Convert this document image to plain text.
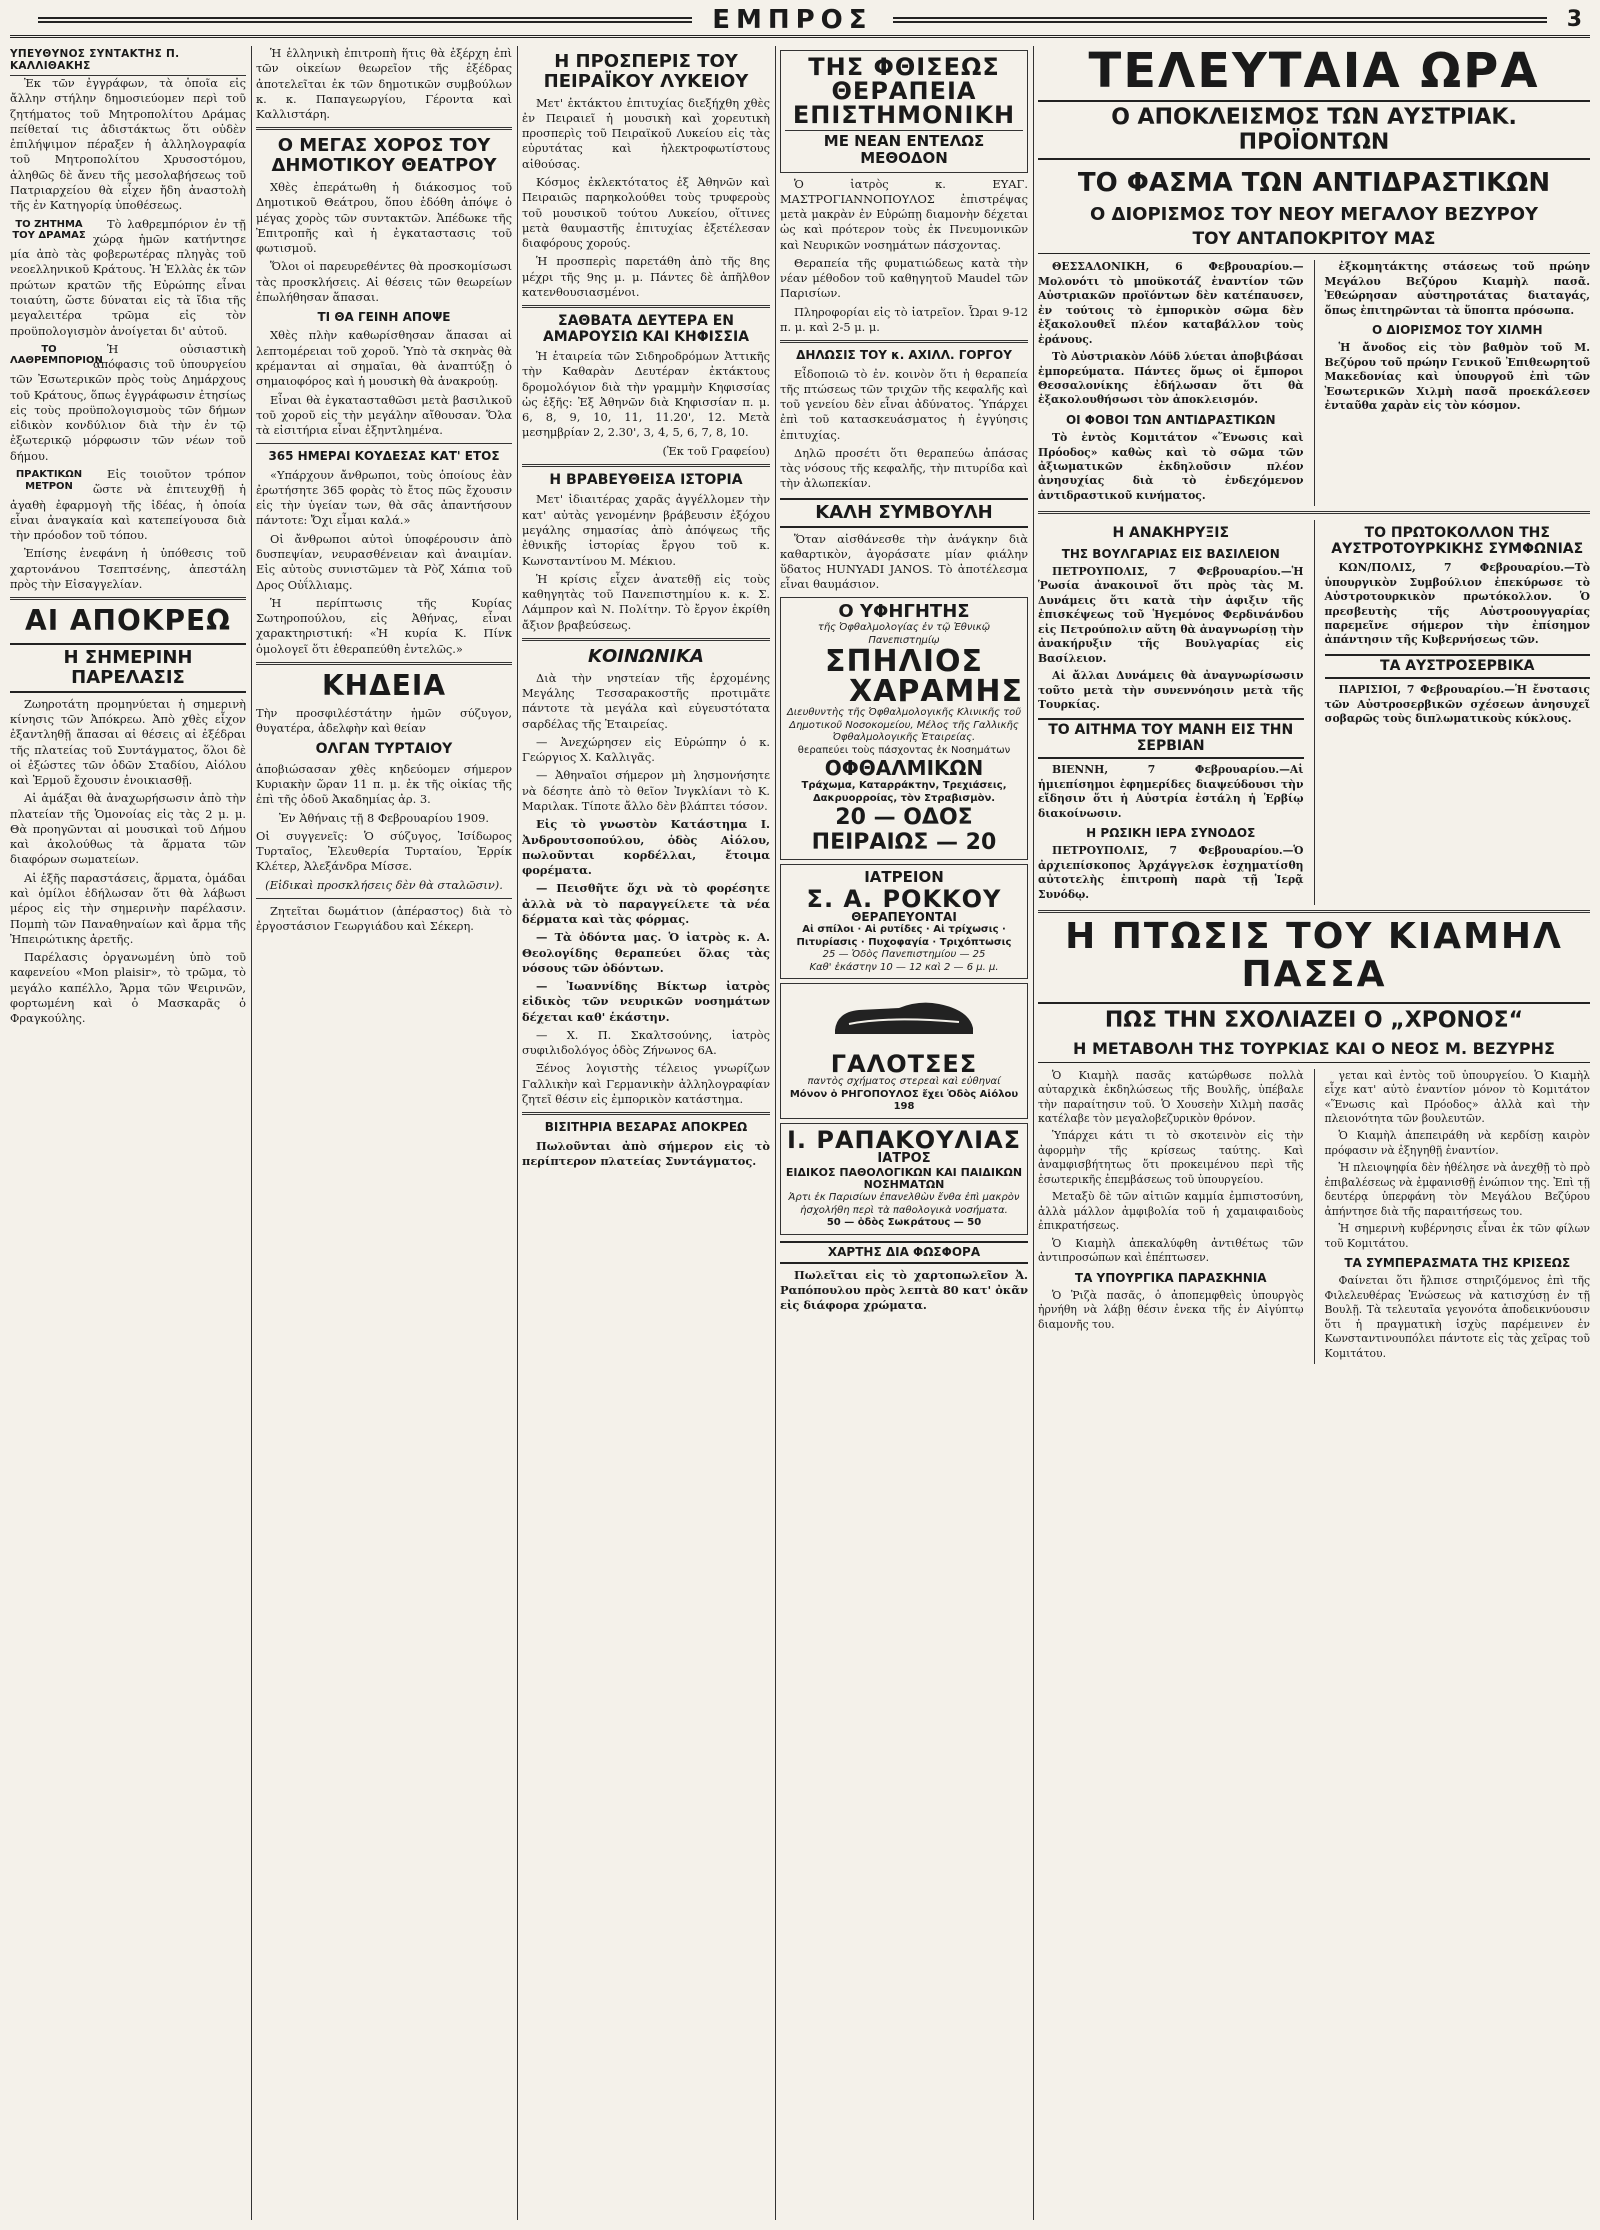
ΕΜΠΡΟΣ	3
ΥΠΕΥΘΥΝΟΣ ΣΥΝΤΑΚΤΗΣ Π. ΚΑΛΛΙΘΑΚΗΣ

Ἐκ τῶν ἐγγράφων, τὰ ὁποῖα εἰς ἄλλην στήλην δημοσιεύομεν περὶ τοῦ ζητήματος τοῦ Μητροπολίτου Δράμας πείθεταί τις ἀδιστάκτως ὅτι οὐδὲν ἐπιλήψιμον πέραξεν ἡ ἀλληλογραφία τοῦ Μητροπολίτου Χρυσοστόμου, ἀληθῶς δὲ ἄνευ τῆς μεσολαβήσεως τοῦ Πατριαρχείου θὰ εἶχεν ἤδη ἀναστολὴ τῆς ἐν Κατηγορίᾳ ὑποθέσεως.

ΤΟ ΖΗΤΗΜΑ ΤΟΥ ΔΡΑΜΑΣ

Τὸ λαθρεμπόριον ἐν τῇ χώρᾳ ἡμῶν κατήντησε μία ἀπὸ τὰς φοβερωτέρας πληγὰς τοῦ νεοελληνικοῦ Κράτους. Ἡ Ἑλλὰς ἐκ τῶν πρώτων κρατῶν τῆς Εὐρώπης εἶναι τοιαύτη, ὥστε δύναται εἰς τὰ ἴδια τῆς μεγαλειτέρα τρῶμα εἰς τὸν προϋπολογισμὸν ἀνοίγεται δι' αὐτοῦ.

ΤΟ ΛΑΘΡΕΜΠΟΡΙΟΝ

Ἡ οὐσιαστικὴ ἀπόφασις τοῦ ὑπουργείου τῶν Ἐσωτερικῶν πρὸς τοὺς Δημάρχους τοῦ Κράτους, ὅπως ἐγγράφωσιν ἐτησίως εἰς τοὺς προϋπολογισμοὺς τῶν δήμων εἰδικὸν κονδύλιον διὰ τὴν ἐν τῷ ἐξωτερικῷ μόρφωσιν τῶν νέων τοῦ δήμου.

ΠΡΑΚΤΙΚΩΝ ΜΕΤΡΟΝ

Εἰς τοιοῦτον τρόπον ὥστε νὰ ἐπιτευχθῇ ἡ ἀγαθὴ ἐφαρμογὴ τῆς ἰδέας, ἡ ὁποία εἶναι ἀναγκαία καὶ κατεπείγουσα διὰ τὴν πρόοδον τοῦ τόπου.

Ἐπίσης ἐνεφάνη ἡ ὑπόθεσις τοῦ χαρτονάνου Τσεπτσένης, ἀπεστάλη πρὸς τὴν Εἰσαγγελίαν.

ΑΙ ΑΠΟΚΡΕΩ
Η ΣΗΜΕΡΙΝΗ ΠΑΡΕΛΑΣΙΣ

Ζωηροτάτη προμηνύεται ἡ σημερινὴ κίνησις τῶν Ἀπόκρεω. Ἀπὸ χθὲς εἶχον ἐξαντληθῇ ἅπασαι αἱ θέσεις αἱ ἐξέδραι τῆς πλατείας τοῦ Συντάγματος, ὅλοι δὲ οἱ ἐξώστες τῶν ὁδῶν Σταδίου, Αἰόλου καὶ Ἑρμοῦ ἔχουσιν ἐνοικιασθῇ.

Αἱ ἁμάξαι θὰ ἀναχωρήσωσιν ἀπὸ τὴν πλατείαν τῆς Ὁμονοίας εἰς τὰς 2 μ. μ. Θὰ προηγῶνται αἱ μουσικαὶ τοῦ Δήμου καὶ ἀκολούθως τὰ ἅρματα τῶν διαφόρων σωματείων.

Αἱ ἑξῆς παραστάσεις, ἅρματα, ὁμάδαι καὶ ὁμίλοι ἐδήλωσαν ὅτι θὰ λάβωσι μέρος εἰς τὴν σημερινὴν παρέλασιν. Πομπὴ τῶν Παναθηναίων καὶ ἄρμα τῆς Ἠπειρώτικης ἀρετῆς.

Παρέλασις ὀργανωμένη ὑπὸ τοῦ καφενείου «Mon plaisir», τὸ τρῶμα, τὸ μεγάλο καπέλλο, Ἄρμα τῶν Ψειρινῶν, φορτωμένη καὶ ὁ Μασκαρᾶς ὁ Φραγκούλης.

Ἡ ἑλληνικὴ ἐπιτροπὴ ἥτις θὰ ἐξέρχη ἐπὶ τῶν οἰκείων θεωρεῖον τῆς ἑξέδρας ἀποτελεῖται ἐκ τῶν δημοτικῶν συμβούλων κ. κ. Παπαγεωργίου, Γέροντα καὶ Καλλιστάρη.

Ο ΜΕΓΑΣ ΧΟΡΟΣ ΤΟΥ ΔΗΜΟΤΙΚΟΥ ΘΕΑΤΡΟΥ

Χθὲς ἐπεράτωθη ἡ διάκοσμος τοῦ Δημοτικοῦ Θεάτρου, ὅπου ἐδόθη ἀπόψε ὁ μέγας χορὸς τῶν συντακτῶν. Ἀπέδωκε τῆς Ἐπιτροπῆς καὶ ἡ ἐγκαταστασις τοῦ φωτισμοῦ.

Ὅλοι οἱ παρευρεθέντες θὰ προσκομίσωσι τὰς προσκλήσεις. Αἱ θέσεις τῶν θεωρείων ἐπωλήθησαν ἅπασαι.

ΤΙ ΘΑ ΓΕΙΝΗ ΑΠΟΨΕ

Χθὲς πλὴν καθωρίσθησαν ἅπασαι αἱ λεπτομέρειαι τοῦ χοροῦ. Ὑπὸ τὰ σκηνὰς θὰ κρέμανται αἱ σημαῖαι, θὰ ἀναπτύξῃ ὁ σημαιοφόρος καὶ ἡ μουσικὴ θὰ ἀνακρούῃ.

Εἶναι θὰ ἐγκατασταθῶσι μετὰ βασιλικοῦ τοῦ χοροῦ εἰς τὴν μεγάλην αἴθουσαν. Ὅλα τὰ εἰσιτήρια εἶναι ἐξηντλημένα.

365 ΗΜΕΡΑΙ ΚΟΥΔΕΣΑΣ ΚΑΤ' ΕΤΟΣ

«Υπάρχουν ἄνθρωποι, τοὺς ὁποίους ἐὰν ἐρωτήσητε 365 φορὰς τὸ ἔτος πῶς ἔχουσιν εἰς τὴν ὑγείαν των, θὰ σᾶς ἀπαντήσουν πάντοτε: Ὄχι εἶμαι καλά.»

Οἱ ἄνθρωποι αὐτοὶ ὑποφέρουσιν ἀπὸ δυσπεψίαν, νευρασθένειαν καὶ ἀναιμίαν. Εἰς αὐτοὺς συνιστῶμεν τὰ Ρὸζ Χάπια τοῦ Δρος Οὐΐλλιαμς.

Ἡ περίπτωσις τῆς Κυρίας Σωτηροπούλου, εἰς Ἀθήνας, εἶναι χαρακτηριστική: «Ἡ κυρία Κ. Πίνκ ὁμολογεῖ ὅτι ἐθεραπεύθη ἐντελῶς.»

ΚΗΔΕΙΑ

Τὴν προσφιλέστάτην ἡμῶν σύζυγον, θυγατέρα, ἀδελφὴν καὶ θείαν

ΟΛΓΑΝ ΤΥΡΤΑΙΟΥ

ἀποβιώσασαν χθὲς κηδεύομεν σήμερον Κυριακὴν ὥραν 11 π. μ. ἐκ τῆς οἰκίας τῆς ἐπὶ τῆς ὁδοῦ Ἀκαδημίας ἀρ. 3.

Ἐν Ἀθήναις τῇ 8 Φεβρουαρίου 1909.

Οἱ συγγενεῖς: Ὁ σύζυγος, Ἰσίδωρος Τυρταῖος, Ἐλευθερία Τυρταίου, Ἑρρίκ Κλέτερ, Ἀλεξάνδρα Μίσσε.

(Εἰδικαὶ προσκλήσεις δὲν θὰ σταλῶσιν).

Ζητεῖται δωμάτιον (ἀπέραστος) διὰ τὸ ἐργοστάσιον Γεωργιάδου καὶ Σέκερη.

Η ΠΡΟΣΠΕΡΙΣ ΤΟΥ ΠΕΙΡΑΪΚΟΥ ΛΥΚΕΙΟΥ

Μετ' ἐκτάκτου ἐπιτυχίας διεξήχθη χθὲς ἐν Πειραιεῖ ἡ μουσικὴ καὶ χορευτικὴ προσπερὶς τοῦ Πειραϊκοῦ Λυκείου εἰς τὰς εὐρυτάτας καὶ ἡλεκτροφωτίστους αἰθούσας.

Κόσμος ἐκλεκτότατος ἐξ Ἀθηνῶν καὶ Πειραιῶς παρηκολούθει τοὺς τρυφεροὺς τοῦ μουσικοῦ τούτου Λυκείου, οἵτινες μετὰ θαυμαστῆς ἐπιτυχίας ἐξετέλεσαν διαφόρους χορούς.

Ἡ προσπερὶς παρετάθη ἀπὸ τῆς 8ης μέχρι τῆς 9ης μ. μ. Πάντες δὲ ἀπῆλθον κατενθουσιασμένοι.

ΣΑΘΒΑΤΑ ΔΕΥΤΕΡΑ ΕΝ ΑΜΑΡΟΥΣΙΩ ΚΑΙ ΚΗΦΙΣΣΙΑ

Ἡ ἑταιρεία τῶν Σιδηροδρόμων Ἀττικῆς τὴν Καθαρὰν Δευτέραν ἐκτάκτους δρομολόγιον διὰ τὴν γραμμὴν Κηφισσίας ὡς ἑξῆς: Ἐξ Ἀθηνῶν διὰ Κηφισσίαν π. μ. 6, 8, 9, 10, 11, 11.20', 12. Μετὰ μεσημβρίαν 2, 2.30', 3, 4, 5, 6, 7, 8, 10.

(Ἐκ τοῦ Γραφείου)

Η ΒΡΑΒΕΥΘΕΙΣΑ ΙΣΤΟΡΙΑ

Μετ' ἰδιαιτέρας χαρᾶς ἀγγέλλομεν τὴν κατ' αὐτὰς γενομένην βράβευσιν ἐξόχου μεγάλης σημασίας ἀπὸ ἀπόψεως τῆς ἐθνικῆς ἱστορίας ἔργου τοῦ κ. Κωνσταντίνου Μ. Μέκιου.

Ἡ κρίσις εἶχεν ἀνατεθῇ εἰς τοὺς καθηγητὰς τοῦ Πανεπιστημίου κ. κ. Σ. Λάμπρον καὶ Ν. Πολίτην. Τὸ ἔργον ἐκρίθη ἄξιον βραβεύσεως.

ΚΟΙΝΩΝΙΚΑ

Διὰ τὴν νηστείαν τῆς ἐρχομένης Μεγάλης Τεσσαρακοστῆς προτιμᾶτε πάντοτε τὰ μεγάλα καὶ εὐγευστότατα σαρδέλας τῆς Ἐταιρείας.

— Ἀνεχώρησεν εἰς Εὐρώπην ὁ κ. Γεώργιος Χ. Καλλιγᾶς.

— Ἀθηναῖοι σήμερον μὴ λησμονήσητε νὰ δέσητε ἀπὸ τὸ θεῖον Ἰνγκλίανι τὸ Κ. Μαριλακ. Τίποτε ἄλλο δὲν βλάπτει τόσον.

Εἰς τὸ γνωστὸν Κατάστημα Ι. Ἀνδρουτσοπούλου, ὁδὸς Αἰόλου, πωλοῦνται κορδέλλαι, ἔτοιμα φορέματα.

— Πεισθῆτε ὅχι νὰ τὸ φορέσητε ἀλλὰ νὰ τὸ παραγγείλετε τὰ νέα δέρματα καὶ τὰς φόρμας.

— Τὰ ὀδόντα μας. Ὁ ἰατρὸς κ. Α. Θεολογίδης θεραπεύει ὅλας τὰς νόσους τῶν ὀδόντων.

— Ἰωαννίδης Βίκτωρ ἰατρὸς εἰδικὸς τῶν νευρικῶν νοσημάτων δέχεται καθ' ἑκάστην.

— Χ. Π. Σκαλτσούνης, ἰατρὸς συφιλιδολόγος ὁδὸς Ζήνωνος 6Α.

Ξένος λογιστὴς τέλειος γνωρίζων Γαλλικὴν καὶ Γερμανικὴν ἀλληλογραφίαν ζητεῖ θέσιν εἰς ἐμπορικὸν κατάστημα.

ΒΙΣΙΤΗΡΙΑ ΒΕΣΑΡΑΣ ΑΠΟΚΡΕΩ

Πωλοῦνται ἀπὸ σήμερον εἰς τὸ περίπτερον πλατείας Συντάγματος.

ΤΗΣ ΦΘΙΣΕΩΣ ΘΕΡΑΠΕΙΑ ΕΠΙΣΤΗΜΟΝΙΚΗ
ΜΕ ΝΕΑΝ ΕΝΤΕΛΩΣ ΜΕΘΟΔΟΝ

Ὁ ἰατρὸς κ. ΕΥΑΓ. ΜΑΣΤΡΟΓΙΑΝΝΟΠΟΥΛΟΣ ἐπιστρέψας μετὰ μακρὰν ἐν Εὐρώπῃ διαμονὴν δέχεται ὡς καὶ πρότερον τοὺς ἐκ Πνευμονικῶν καὶ Νευρικῶν νοσημάτων πάσχοντας.

Θεραπεία τῆς φυματιώδεως κατὰ τὴν νέαν μέθοδον τοῦ καθηγητοῦ Maudel τῶν Παρισίων.

Πληροφορίαι εἰς τὸ ἰατρεῖον. Ὧραι 9-12 π. μ. καὶ 2-5 μ. μ.

ΔΗΛΩΣΙΣ ΤΟΥ κ. ΑΧΙΛΛ. ΓΟΡΓΟΥ

Εἶδοποιῶ τὸ ἐν. κοινὸν ὅτι ἡ θεραπεία τῆς πτώσεως τῶν τριχῶν τῆς κεφαλῆς καὶ τοῦ γενείου δὲν εἶναι ἀδύνατος. Ὑπάρχει ἐπὶ τοῦ κατασκευάσματος ἡ ἐγγύησις ἐπιτυχίας.

Δηλῶ προσέτι ὅτι θεραπεύω ἀπάσας τὰς νόσους τῆς κεφαλῆς, τὴν πιτυρίδα καὶ τὴν ἀλωπεκίαν.

ΚΑΛΗ ΣΥΜΒΟΥΛΗ

Ὅταν αἰσθάνεσθε τὴν ἀνάγκην διὰ καθαρτικὸν, ἀγοράσατε μίαν φιάλην ὕδατος HUNYADI JANOS. Τὸ ἀποτέλεσμα εἶναι θαυμάσιον.

Ο ΥΦΗΓΗΤΗΣ
τῆς Ὀφθαλμολογίας ἐν τῷ Ἐθνικῷ Πανεπιστημίῳ
ΣΠΗΛΙΟΣ
ΧΑΡΑΜΗΣ
Διευθυντὴς τῆς Ὀφθαλμολογικῆς Κλινικῆς τοῦ Δημοτικοῦ Νοσοκομείου, Μέλος τῆς Γαλλικῆς Ὀφθαλμολογικῆς Ἑταιρείας.
θεραπεύει τοὺς πάσχοντας ἐκ Νοσημάτων
ΟΦΘΑΛΜΙΚΩΝ
Τράχωμα, Καταρράκτην, Τρεχιάσεις, Δακρυορροίας, τὸν Στραβισμὸν.
20 — ΟΔΟΣ ΠΕΙΡΑΙΩΣ — 20
ΙΑΤΡΕΙΟΝ
Σ. Α. ΡΟΚΚΟΥ
ΘΕΡΑΠΕΥΟΝΤΑΙ
Αἱ σπίλοι · Αἱ ρυτίδες · Αἱ τρίχωσις · Πιτυρίασις · Πυχοφαγία · Τριχόπτωσις
25 — Ὁδὸς Πανεπιστημίου — 25
Καθ' ἑκάστην 10 — 12 καὶ 2 — 6 μ. μ.
ΓΑΛΟΤΣΕΣ
παντὸς σχήματος στερεαὶ καὶ εὐθηναί
Μόνον ὁ ΡΗΓΟΠΟΥΛΟΣ ἔχει Ὁδὸς Αἰόλου 198
Ι. ΡΑΠΑΚΟΥΛΙΑΣ
ΙΑΤΡΟΣ
ΕΙΔΙΚΟΣ ΠΑΘΟΛΟΓΙΚΩΝ ΚΑΙ ΠΑΙΔΙΚΩΝ ΝΟΣΗΜΑΤΩΝ
Ἀρτι ἐκ Παρισίων ἐπανελθὼν ἔνθα ἐπὶ μακρὸν ἠσχολήθη περὶ τὰ παθολογικὰ νοσήματα.
50 — ὁδὸς Σωκράτους — 50
ΧΑΡΤΗΣ ΔΙΑ ΦΩΣΦΟΡΑ

Πωλεῖται εἰς τὸ χαρτοπωλεῖον Ἀ. Ραπόπουλου πρὸς λεπτὰ 80 κατ' ὀκᾶν εἰς διάφορα χρώματα.

ΤΕΛΕΥΤΑΙΑ ΩΡΑ
Ο ΑΠΟΚΛΕΙΣΜΟΣ ΤΩΝ ΑΥΣΤΡΙΑΚ. ΠΡΟΪΟΝΤΩΝ
ΤΟ ΦΑΣΜΑ ΤΩΝ ΑΝΤΙΔΡΑΣΤΙΚΩΝ
Ο ΔΙΟΡΙΣΜΟΣ ΤΟΥ ΝΕΟΥ ΜΕΓΑΛΟΥ ΒΕΖΥΡΟΥ
ΤΟΥ ΑΝΤΑΠΟΚΡΙΤΟΥ ΜΑΣ

ΘΕΣΣΑΛΟΝΙΚΗ, 6 Φεβρουαρίου.—Μολονότι τὸ μποϋκοτάζ ἐναντίον τῶν Αὐστριακῶν προϊόντων δὲν κατέπαυσεν, ἐν τούτοις τὸ ἐμπορικὸν σῶμα δὲν ἐξακολουθεῖ πλέον καταβάλλον τοὺς ἐράνους.

Τὸ Αὐστριακὸν Λόϋδ λύεται ἀποβιβάσαι ἐμπορεύματα. Πάντες ὅμως οἱ ἔμποροι Θεσσαλονίκης ἐδήλωσαν ὅτι θὰ ἐξακολουθήσωσι τὸν ἀποκλεισμόν.

ΟΙ ΦΟΒΟΙ ΤΩΝ ΑΝΤΙΔΡΑΣΤΙΚΩΝ

Τὸ ἐντὸς Κομιτάτον «Ἕνωσις καὶ Πρόοδος» καθὼς καὶ τὸ σῶμα τῶν ἀξιωματικῶν ἐκδηλοῦσιν πλέον ἀνησυχίας διὰ τὸ ἐνδεχόμενον ἀντιδραστικοῦ κινήματος.

ἐξκομητάκτης στάσεως τοῦ πρώην Μεγάλου Βεζύρου Κιαμὴλ πασᾶ. Ἐθεώρησαν αὐστηροτάτας διαταγάς, ὅπως ἐπιτηρῶνται τὰ ὕποπτα πρόσωπα.

Ο ΔΙΟΡΙΣΜΟΣ ΤΟΥ ΧΙΛΜΗ

Ἡ ἄνοδος εἰς τὸν βαθμὸν τοῦ Μ. Βεζύρου τοῦ πρώην Γενικοῦ Ἐπιθεωρητοῦ Μακεδονίας καὶ ὑπουργοῦ ἐπὶ τῶν Ἐσωτερικῶν Χιλμὴ πασᾶ προεκάλεσεν ἐνταῦθα χαρὰν εἰς τὸν κόσμον.

Η ΑΝΑΚΗΡΥΞΙΣ
ΤΗΣ ΒΟΥΛΓΑΡΙΑΣ ΕΙΣ ΒΑΣΙΛΕΙΟΝ

ΠΕΤΡΟΥΠΟΛΙΣ, 7 Φεβρουαρίου.—Ἡ Ῥωσία ἀνακοινοῖ ὅτι πρὸς τὰς Μ. Δυνάμεις ὅτι κατὰ τὴν ἀφιξιν τῆς ἐπισκέψεως τοῦ Ἡγεμόνος Φερδινάνδου εἰς Πετρούπολιν αὕτη θὰ ἀναγνωρίσῃ τὴν ἀνακήρυξιν τῆς Βουλγαρίας εἰς Βασίλειον.

Αἱ ἄλλαι Δυνάμεις θὰ ἀναγνωρίσωσιν τοῦτο μετὰ τὴν συνεννόησιν μετὰ τῆς Τουρκίας.

ΤΟ ΑΙΤΗΜΑ ΤΟΥ ΜΑΝΗ ΕΙΣ ΤΗΝ ΣΕΡΒΙΑΝ

ΒΙΕΝΝΗ, 7 Φεβρουαρίου.—Αἱ ἡμιεπίσημοι ἐφημερίδες διαψεύδουσι τὴν εἴδησιν ὅτι ἡ Αὐστρία ἐστάλη ἡ Ἑρβίῳ διακοίνωσιν.

Η ΡΩΣΙΚΗ ΙΕΡΑ ΣΥΝΟΔΟΣ

ΠΕΤΡΟΥΠΟΛΙΣ, 7 Φεβρουαρίου.—Ὁ ἀρχιεπίσκοπος Ἀρχάγγελσκ ἐσχηματίσθη αὐτοτελὴς ἐπιτροπὴ παρὰ τῇ Ἱερᾷ Συνόδῳ.

ΤΟ ΠΡΩΤΟΚΟΛΛΟΝ ΤΗΣ ΑΥΣΤΡΟΤΟΥΡΚΙΚΗΣ ΣΥΜΦΩΝΙΑΣ

ΚΩΝ/ΠΟΛΙΣ, 7 Φεβρουαρίου.—Τὸ ὑπουργικὸν Συμβούλιον ἐπεκύρωσε τὸ Αὐστροτουρκικὸν πρωτόκολλον. Ὁ πρεσβευτὴς τῆς Αὐστροουγγαρίας παρεμεῖνε σήμερον τὴν ἐπίσημον ἀπάντησιν τῆς Κυβερνήσεως τῶν.

ΤΑ ΑΥΣΤΡΟΣΕΡΒΙΚΑ

ΠΑΡΙΣΙΟΙ, 7 Φεβρουαρίου.—Ἡ ἔνστασις τῶν Αὐστροσερβικῶν σχέσεων ἀνησυχεῖ σοβαρῶς τοὺς διπλωματικοὺς κύκλους.

Η ΠΤΩΣΙΣ ΤΟΥ ΚΙΑΜΗΛ ΠΑΣΣΑ
ΠΩΣ ΤΗΝ ΣΧΟΛΙΑΖΕΙ Ο „ΧΡΟΝΟΣ“
Η ΜΕΤΑΒΟΛΗ ΤΗΣ ΤΟΥΡΚΙΑΣ ΚΑΙ Ο ΝΕΟΣ Μ. ΒΕΖΥΡΗΣ

Ὁ Κιαμὴλ πασᾶς κατώρθωσε πολλὰ αὐταρχικὰ ἐκδηλώσεως τῆς Βουλῆς, ὑπέβαλε τὴν παραίτησιν τοῦ. Ὁ Χουσεὴν Χιλμὴ πασᾶς κατέλαβε τὸν μεγαλοβεζυρικὸν θρόνον.

Ὑπάρχει κάτι τι τὸ σκοτεινὸν εἰς τὴν ἀφορμὴν τῆς κρίσεως ταύτης. Καὶ ἀναμφισβήτητως ὅτι προκειμένου περὶ τῆς ἐσωτερικῆς ἐπεμβάσεως τοῦ ὑπουργείου.

Μεταξὺ δὲ τῶν αἰτιῶν καμμία ἐμπιστοσύνη, ἀλλὰ μάλλον ἀμφιβολία τοῦ ἡ χαμαιφαιδοὺς ἐπικρατήσεως.

Ὁ Κιαμὴλ ἀπεκαλύφθη ἀντιθέτως τῶν ἀντιπροσώπων καὶ ἐπέπτωσεν.

ΤΑ ΥΠΟΥΡΓΙΚΑ ΠΑΡΑΣΚΗΝΙΑ

Ὁ Ῥιζὰ πασᾶς, ὁ ἀποπεμφθεὶς ὑπουργὸς ἠρνήθη νὰ λάβῃ θέσιν ἐνεκα τῆς ἐν Αἰγύπτῳ διαμονῆς του.

γεται καὶ ἐντὸς τοῦ ὑπουργείου. Ὁ Κιαμὴλ εἶχε κατ' αὐτὸ ἐναντίον μόνον τὸ Κομιτάτον «Ἕνωσις καὶ Πρόοδος» ἀλλὰ καὶ τὴν πλειονότητα τῶν βουλευτῶν.

Ὁ Κιαμὴλ ἀπεπειράθη νὰ κερδίσῃ καιρὸν πρόφασιν νὰ ἐξηγηθῇ ἐναντίον.

Ἡ πλειοψηφία δὲν ἠθέλησε νὰ ἀνεχθῇ τὸ πρὸ ἐπιβαλέσεως νὰ ἐμφανισθῇ ἐνώπιον της. Ἐπὶ τῇ δευτέρᾳ ὑπερφάνη τὸν Μεγάλου Βεζύρου ἀπήντησε διὰ τῆς παραιτήσεως του.

Ἡ σημερινὴ κυβέρνησις εἶναι ἐκ τῶν φίλων τοῦ Κομιτάτου.

ΤΑ ΣΥΜΠΕΡΑΣΜΑΤΑ ΤΗΣ ΚΡΙΣΕΩΣ

Φαίνεται ὅτι ἤλπισε στηριζόμενος ἐπὶ τῆς Φιλελευθέρας Ἑνώσεως νὰ κατισχύσῃ ἐν τῇ Βουλῇ. Τὰ τελευταῖα γεγονότα ἀποδεικνύουσιν ὅτι ἡ πραγματικὴ ἰσχὺς παρέμεινεν ἐν Κωνσταντινουπόλει πάντοτε εἰς τὰς χεῖρας τοῦ Κομιτάτου.
